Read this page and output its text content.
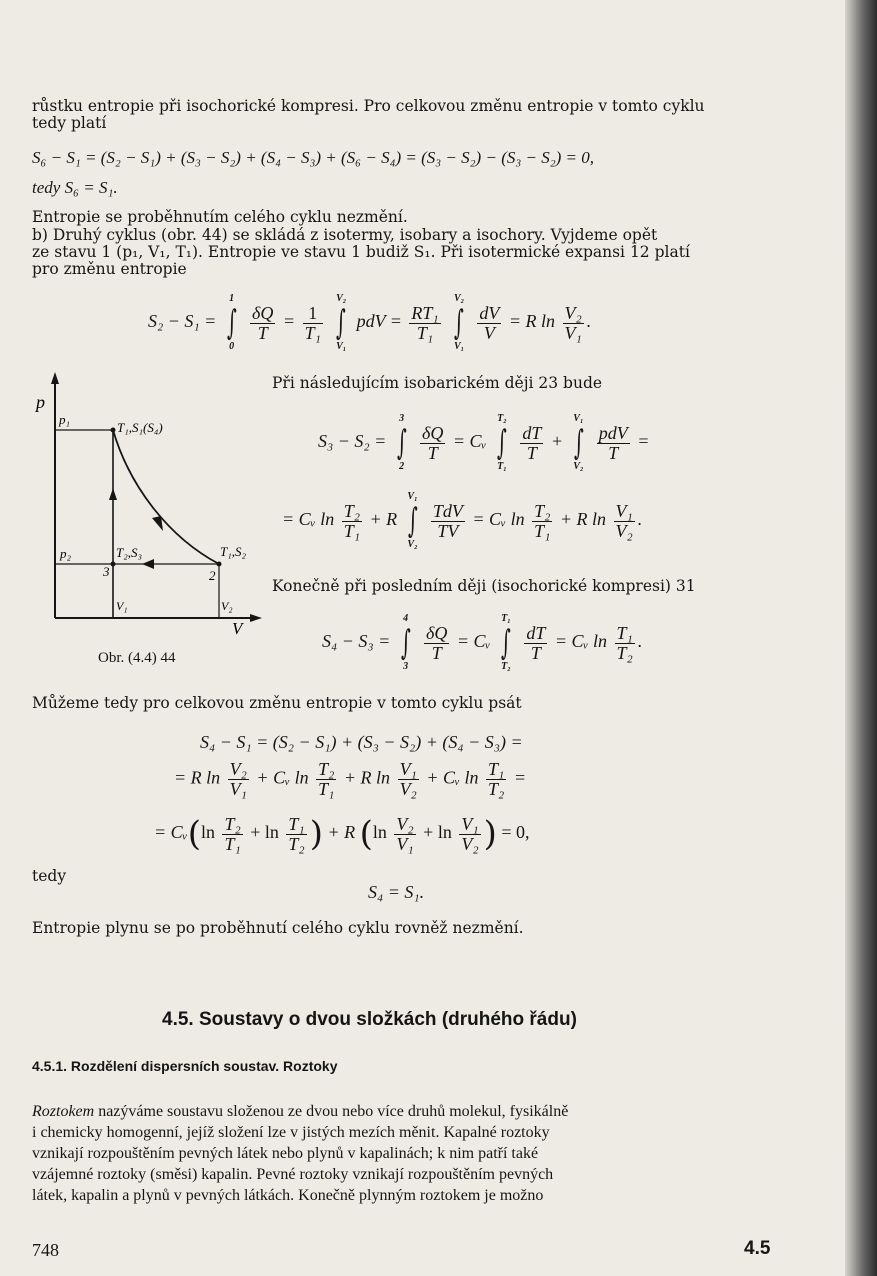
růstku entropie při isochorické kompresi. Pro celkovou změnu entropie v tomto cyklu
tedy platí
S₆ − S₁ = (S₂ − S₁) + (S₃ − S₂) + (S₄ − S₃) + (S₆ − S₄) = (S₃ − S₂) − (S₃ − S₂) = 0,
tedy S₆ = S₁.
Entropie se proběhnutím celého cyklu nezmění.
b) Druhý cyklus (obr. 44) se skládá z isotermy, isobary a isochory. Vyjdeme opět
ze stavu 1 (p₁, V₁, T₁). Entropie ve stavu 1 budiž S₁. Při isotermické expansi 12 platí
pro změnu entropie
S₂ − S₁ =
1
∫
0

$\frac{\delta Q}{T} = \frac{1}{\text{T₁}}$

V₂
∫
V₁
pdV = $\frac{\text{RT₁}}{\text{T₁}}$

V₂
∫
V₁

$\frac{dV}{V} = R$ $\ln \frac{\text{V₂}}{\text{V₁}}$ .
p
V
p₁
p₂
T₁,S₁(S₄)
T₁,S₂
T₂,S₃
2
3
V₁	V₂
Obr. (4.4) 44
Při následujícím isobarickém ději 23 bude
S₃ − S₂ =
3
∫
2

$\frac{\delta Q}{T}$ = Cᵥ
T₂
∫
T₁

$\frac{dT}{T}$ +
V₁
∫
V₂

$\frac{\text{pdV}}{T}$ =
= Cᵥ $\ln \frac{\text{T₂}}{\text{T₁}} + R$
V₁
∫
V₂

$\frac{\text{TdV}}{TV}$ = Cᵥ $\ln \frac{\text{T₂}}{\text{T₁}} + R$ $\ln \frac{\text{V₁}}{\text{V₂}}$ .
Konečně při posledním ději (isochorické kompresi) 31
S₄ − S₃ =
4
∫
3

$\frac{\delta Q}{T}$ = Cᵥ
T₁
∫
T₂

$\frac{dT}{T}$ = Cᵥ $\ln \frac{\text{T₁}}{\text{T₂}}$ .
Můžeme tedy pro celkovou změnu entropie v tomto cyklu psát
S₄ − S₁ = (S₂ − S₁) + (S₃ − S₂) + (S₄ − S₃) =
= R $\ln \frac{\text{V₂}}{\text{V₁}}$ + Cᵥ $\ln \frac{\text{T₂}}{\text{T₁}} + R$ $\ln \frac{\text{V₁}}{\text{V₂}}$ + Cᵥ $\ln \frac{\text{T₁}}{\text{T₂}}$ =
= Cᵥ(ln $\frac{\text{T₂}}{\text{T₁}} + \ln \frac{\text{T₁}}{\text{T₂}}$ ) + R ($\ln \frac{\text{V₂}}{\text{V₁}} + \ln \frac{\text{V₁}}{\text{V₂}}$ ) = 0,
tedy
S₄ = S₁.
Entropie plynu se po proběhnutí celého cyklu rovněž nezmění.
4.5. Soustavy o dvou složkách (druhého řádu)
4.5.1. Rozdělení dispersních soustav. Roztoky
Roztokem nazýváme soustavu složenou ze dvou nebo více druhů molekul, fysikálně
i chemicky homogenní, jejíž složení lze v jistých mezích měnit. Kapalné roztoky
vznikají rozpouštěním pevných látek nebo plynů v kapalinách; k nim patří také
vzájemné roztoky (směsi) kapalin. Pevné roztoky vznikají rozpouštěním pevných
látek, kapalin a plynů v pevných látkách. Konečně plynným roztokem je možno
748	4.5
